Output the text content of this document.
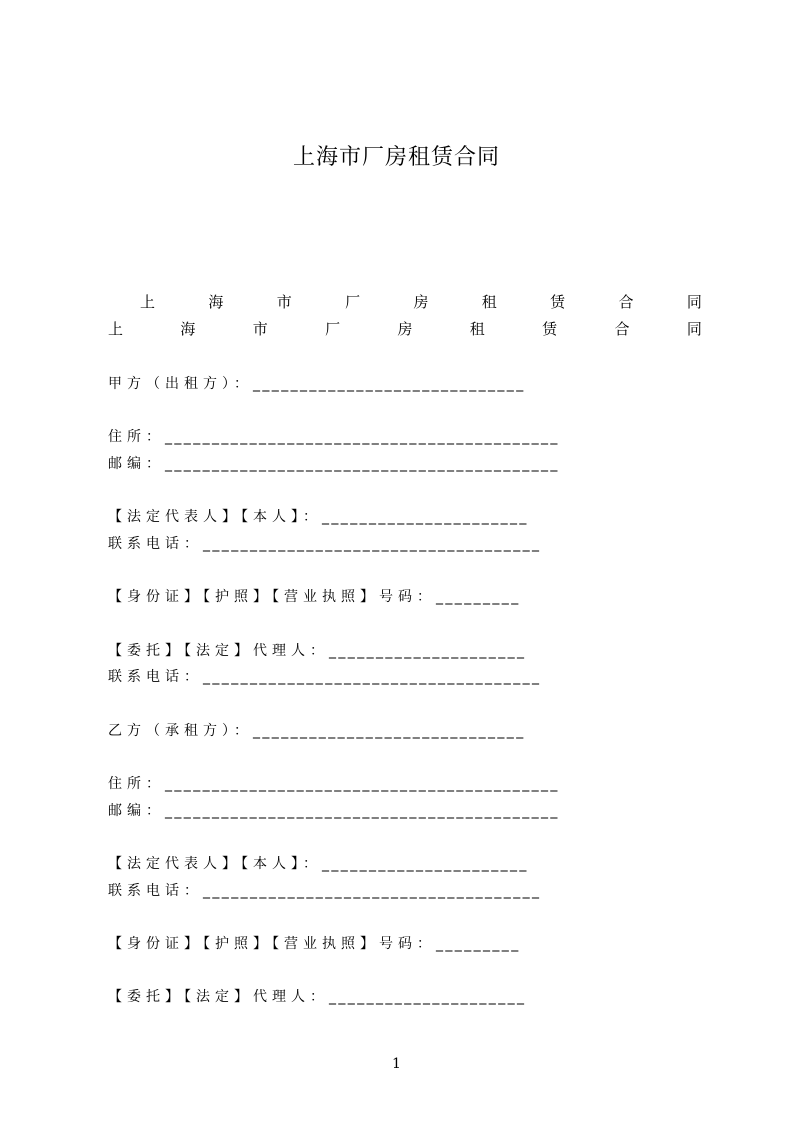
上海市厂房租赁合同
上	海	市	厂	房	租	赁	合	同
上	海	市	厂	房	租	赁	合	同
甲方（出租方）：_____________________________
住所：__________________________________________
邮编：__________________________________________
【法定代表人】【本人】：______________________
联系电话：____________________________________
【身份证】【护照】【营业执照】号码：_________
【委托】【法定】代理人：_____________________
联系电话：____________________________________
乙方（承租方）：_____________________________
住所：__________________________________________
邮编：__________________________________________
【法定代表人】【本人】：______________________
联系电话：____________________________________
【身份证】【护照】【营业执照】号码：_________
【委托】【法定】代理人：_____________________
1
